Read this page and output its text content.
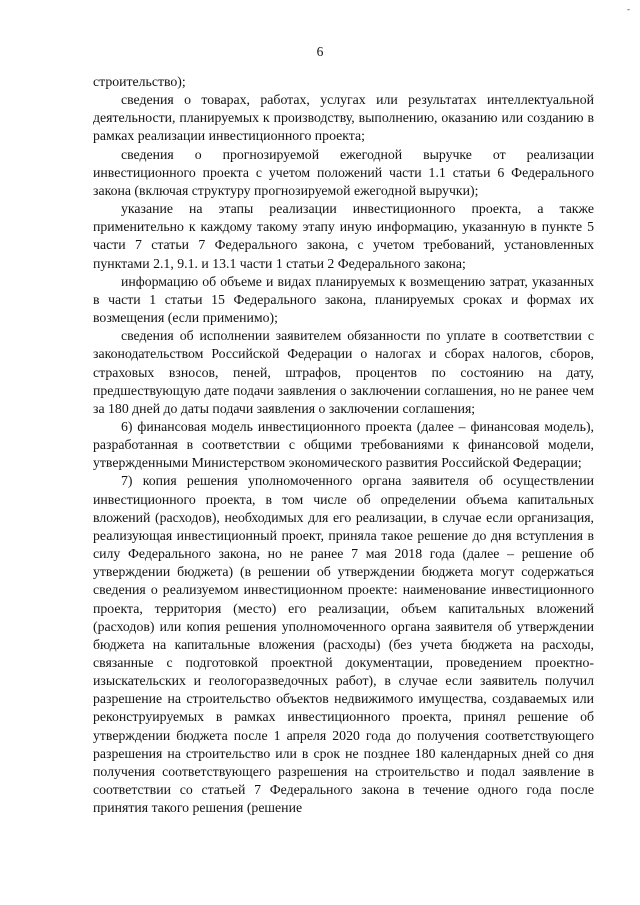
-
6

строительство);

сведения о товарах, работах, услугах или результатах интеллектуальной деятельности, планируемых к производству, выполнению, оказанию или созданию в рамках реализации инвестиционного проекта;

сведения о прогнозируемой ежегодной выручке от реализации инвестиционного проекта с учетом положений части 1.1 статьи 6 Федерального закона (включая структуру прогнозируемой ежегодной выручки);

указание на этапы реализации инвестиционного проекта, а также применительно к каждому такому этапу иную информацию, указанную в пункте 5 части 7 статьи 7 Федерального закона, с учетом требований, установленных пунктами 2.1, 9.1. и 13.1 части 1 статьи 2 Федерального закона;

информацию об объеме и видах планируемых к возмещению затрат, указанных в части 1 статьи 15 Федерального закона, планируемых сроках и формах их возмещения (если применимо);

сведения об исполнении заявителем обязанности по уплате в соответствии с законодательством Российской Федерации о налогах и сборах налогов, сборов, страховых взносов, пеней, штрафов, процентов по состоянию на дату, предшествующую дате подачи заявления о заключении соглашения, но не ранее чем за 180 дней до даты подачи заявления о заключении соглашения;

6) финансовая модель инвестиционного проекта (далее – финансовая модель), разработанная в соответствии с общими требованиями к финансовой модели, утвержденными Министерством экономического развития Российской Федерации;

7) копия решения уполномоченного органа заявителя об осуществлении инвестиционного проекта, в том числе об определении объема капитальных вложений (расходов), необходимых для его реализации, в случае если организация, реализующая инвестиционный проект, приняла такое решение до дня вступления в силу Федерального закона, но не ранее 7 мая 2018 года (далее – решение об утверждении бюджета) (в решении об утверждении бюджета могут содержаться сведения о реализуемом инвестиционном проекте: наименование инвестиционного проекта, территория (место) его реализации, объем капитальных вложений (расходов) или копия решения уполномоченного органа заявителя об утверждении бюджета на капитальные вложения (расходы) (без учета бюджета на расходы, связанные с подготовкой проектной документации, проведением проектно-изыскательских и геологоразведочных работ), в случае если заявитель получил разрешение на строительство объектов недвижимого имущества, создаваемых или реконструируемых в рамках инвестиционного проекта, принял решение об утверждении бюджета после 1 апреля 2020 года до получения соответствующего разрешения на строительство или в срок не позднее 180 календарных дней со дня получения соответствующего разрешения на строительство и подал заявление в соответствии со статьей 7 Федерального закона в течение одного года после принятия такого решения (решение
